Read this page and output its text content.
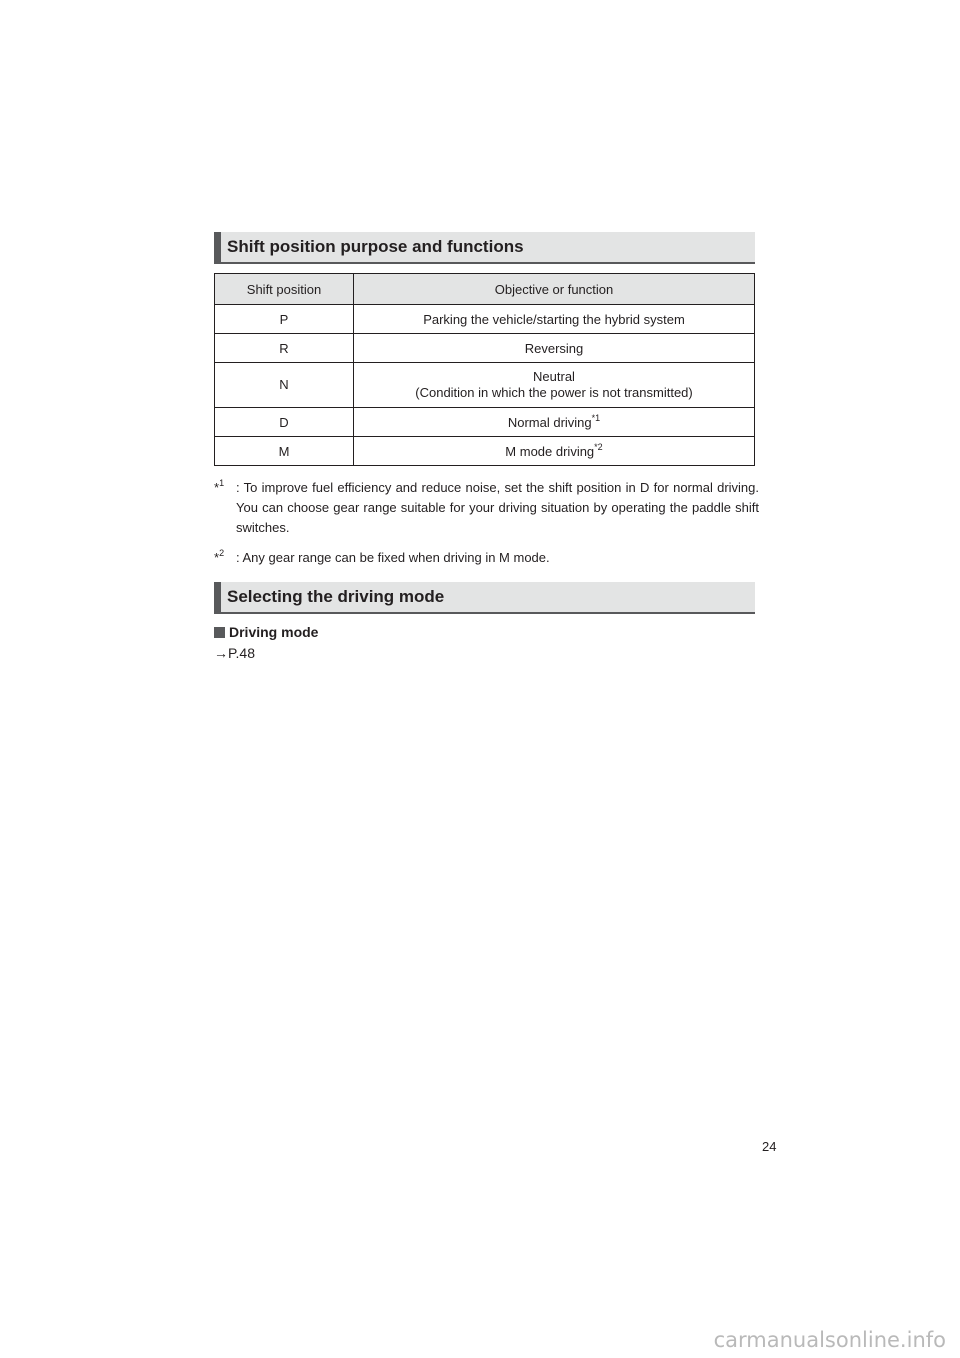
Shift position purpose and functions
Shift position	Objective or function
P	Parking the vehicle/starting the hybrid system
R	Reversing
N	Neutral
(Condition in which the power is not transmitted)
D	Normal driving$^{*1}$
M	M mode driving$^{*2}$
*$^1$ : To improve fuel efficiency and reduce noise, set the shift position in D for normal driving. You can choose gear range suitable for your driving situation by operating the paddle shift switches.
*$^2$ : Any gear range can be fixed when driving in M mode.
Selecting the driving mode
Driving mode
→P.48
24
carmanualsonline.info
